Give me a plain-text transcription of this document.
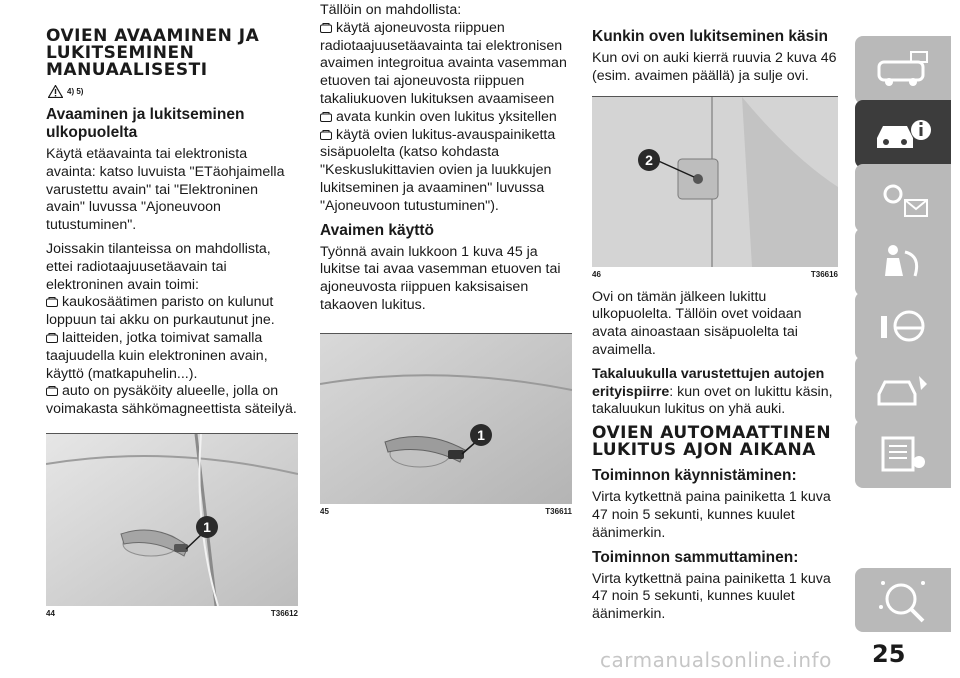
OVIEN AVAAMINEN JA LUKITSEMINEN MANUAALISESTI
4) 5)
Avaaminen ja lukitseminen ulkopuolelta

Käytä etäavainta tai elektronista avainta: katso luvuista "ETäohjaimella varustettu avain" tai "Elektroninen avain" luvussa "Ajoneuvoon tutustuminen".

Joissakin tilanteissa on mahdollista, ettei radiotaajuusetäavain tai elektroninen avain toimi:

kaukosäätimen paristo on kulunut
loppuun tai akku on purkautunut jne.

laitteiden, jotka toimivat samalla
taajuudella kuin elektroninen avain, käyttö (matkapuhelin...).

auto on pysäköity alueelle, jolla on
voimakasta sähkömagneettista säteilyä.

1
44	T36612

Tällöin on mahdollista:

käytä ajoneuvosta riippuen
radiotaajuusetäavainta tai elektronisen avaimen integroitua avainta vasemman etuoven tai ajoneuvosta riippuen takaliukuoven lukituksen avaamiseen

avata kunkin oven lukitus yksitellen

käytä ovien lukitus-avauspainiketta
sisäpuolelta (katso kohdasta "Keskuslukittavien ovien ja luukkujen lukitseminen ja avaaminen" luvussa "Ajoneuvoon tutustuminen").

Avaimen käyttö

Työnnä avain lukkoon 1 kuva 45 ja lukitse tai avaa vasemman etuoven tai ajoneuvosta riippuen kaksisaisen takaoven lukitus.

1
45	T36611
Kunkin oven lukitseminen käsin

Kun ovi on auki kierrä ruuvia 2 kuva 46 (esim. avaimen päällä) ja sulje ovi.

2
46	T36616

Ovi on tämän jälkeen lukittu ulkopuolelta. Tällöin ovet voidaan avata ainoastaan sisäpuolelta tai avaimella.

Takaluukulla varustettujen autojen erityispiirre: kun ovet on lukittu käsin, takaluukun lukitus on yhä auki.

OVIEN AUTOMAATTINEN LUKITUS AJON AIKANA
Toiminnon käynnistäminen:

Virta kytkettnä paina painiketta 1 kuva 47 noin 5 sekunti, kunnes kuulet äänimerkin.

Toiminnon sammuttaminen:

Virta kytkettnä paina painiketta 1 kuva 47 noin 5 sekunti, kunnes kuulet äänimerkin.

25
carmanualsonline.info
